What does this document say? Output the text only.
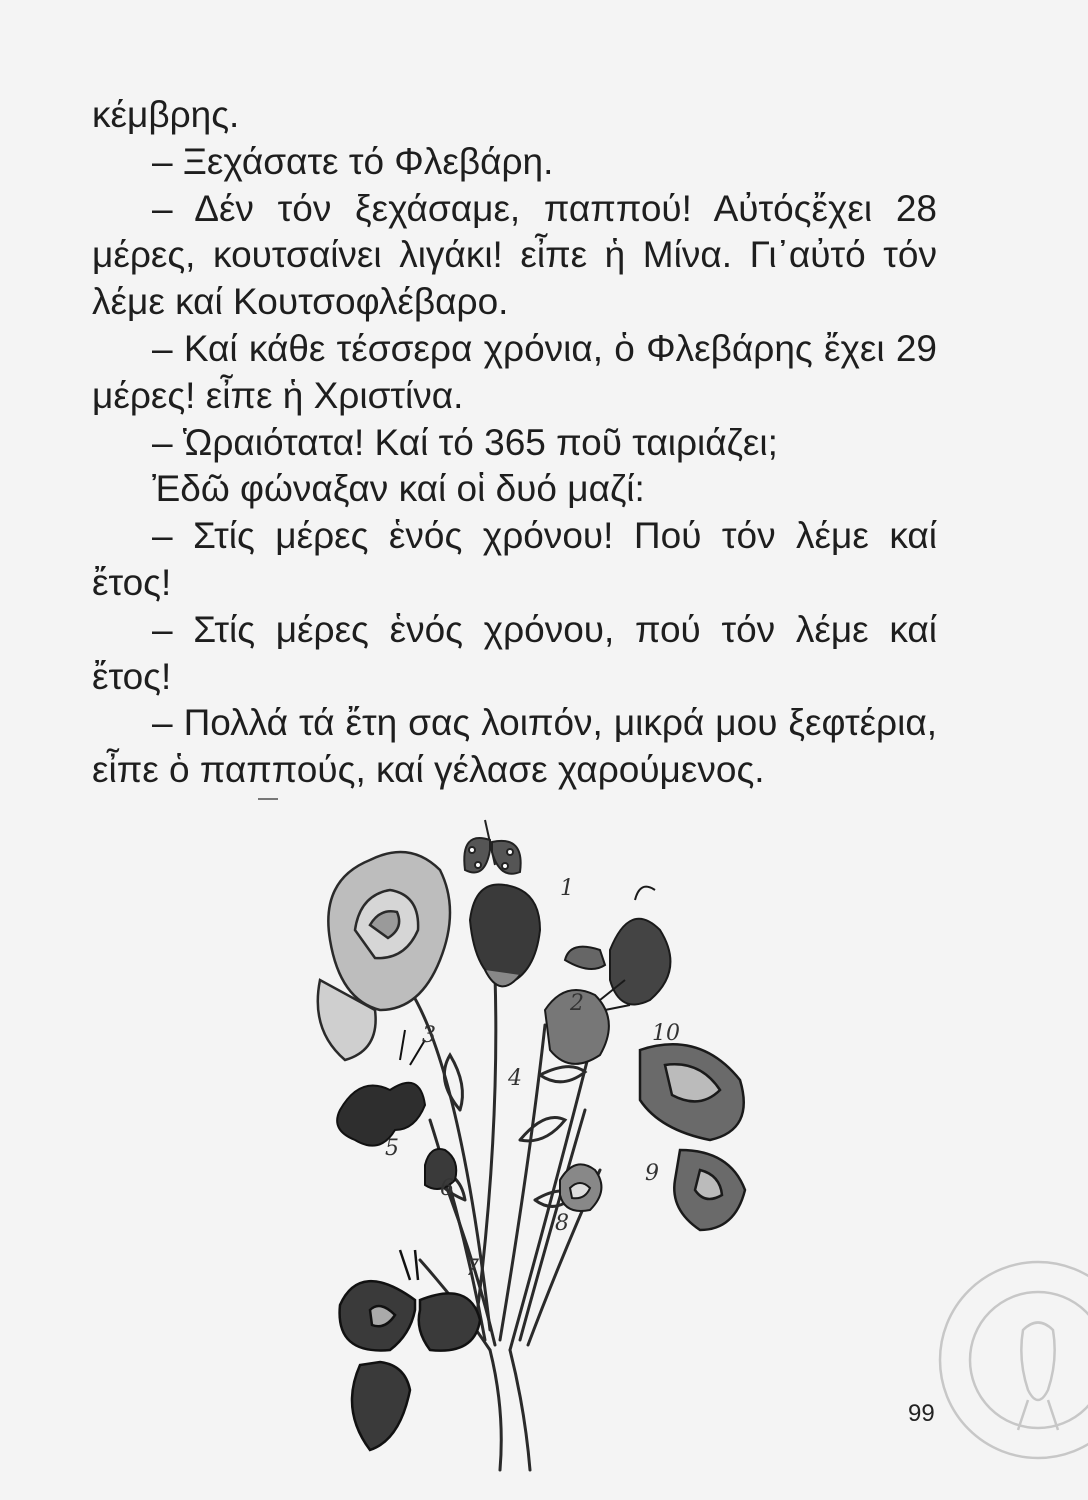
κέμβρης.

– Ξεχάσατε τό Φλεβάρη.

– Δέν τόν ξεχάσαμε, παππού! Αὐτόςἔχει 28 μέρες, κουτσαίνει λιγάκι! εἶπε ἡ Μίνα. Γι᾽αὐτό τόν λέμε καί Κουτσοφλέβαρο.

– Καί κάθε τέσσερα χρόνια, ὁ Φλεβάρης ἔχει 29 μέρες! εἶπε ἡ Χριστίνα.

– Ὡραιότατα! Καί τό 365 ποῦ ταιριάζει;

Ἐδῶ φώναξαν καί οἱ δυό μαζί:

– Στίς μέρες ἑνός χρόνου! Πού τόν λέμε καί ἔτος!

– Στίς μέρες ἑνός χρόνου, πού τόν λέμε καί ἔτος!

– Πολλά τά ἔτη σας λοιπόν, μικρά μου ξεφτέρια, εἶπε ὁ παππούς, καί γέλασε χαρούμενος.

1
2
3
4
5
6
7
8
9
10
99
